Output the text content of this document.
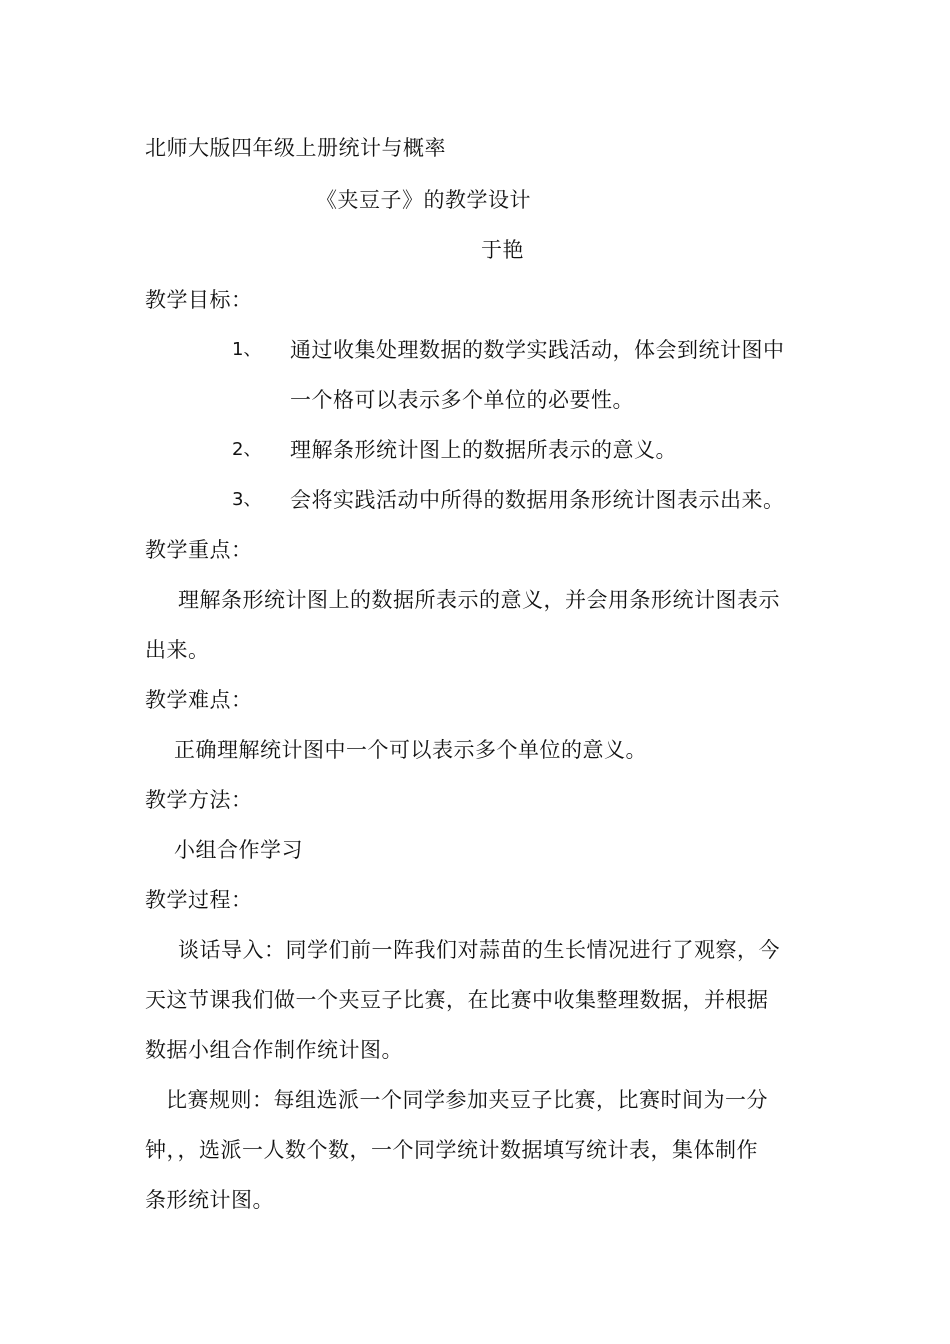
北师大版四年级上册统计与概率
《夹豆子》的教学设计
于艳
教学目标：
1、 通过收集处理数据的数学实践活动，体会到统计图中
一个格可以表示多个单位的必要性。
2、 理解条形统计图上的数据所表示的意义。
3、 会将实践活动中所得的数据用条形统计图表示出来。
教学重点：
理解条形统计图上的数据所表示的意义，并会用条形统计图表示
出来。
教学难点：
正确理解统计图中一个可以表示多个单位的意义。
教学方法：
小组合作学习
教学过程：
谈话导入：同学们前一阵我们对蒜苗的生长情况进行了观察，今
天这节课我们做一个夹豆子比赛，在比赛中收集整理数据，并根据
数据小组合作制作统计图。
比赛规则：每组选派一个同学参加夹豆子比赛，比赛时间为一分
钟，，选派一人数个数，一个同学统计数据填写统计表，集体制作
条形统计图。
